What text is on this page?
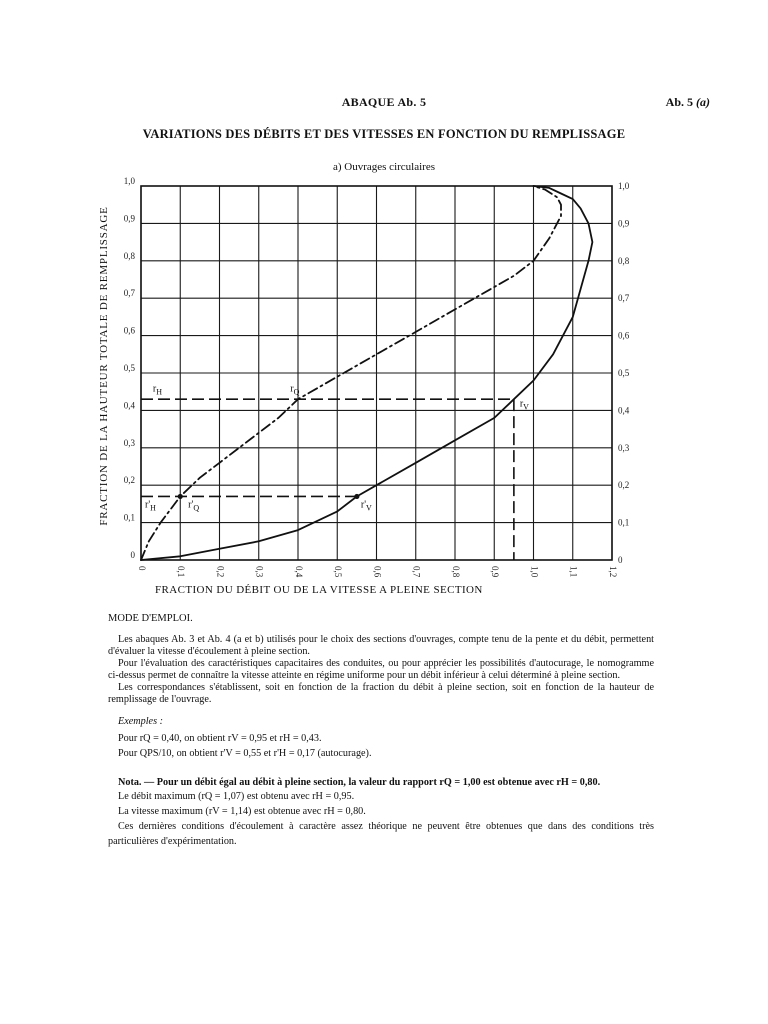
ABAQUE Ab. 5	Ab. 5 (a)
VARIATIONS DES DÉBITS ET DES VITESSES EN FONCTION DU REMPLISSAGE
a) Ouvrages circulaires
FRACTION DE LA HAUTEUR TOTALE DE REMPLISSAGE
FRACTION DU DÉBIT OU DE LA VITESSE A PLEINE SECTION
0	0,1	0,2	0,3	0,4	0,5	0,6	0,7	0,8	0,9	1,0	1,1	1,2
0	0
0,1	0,1
0,2	0,2
0,3	0,3
0,4	0,4
0,5	0,5
0,6	0,6
0,7	0,7
0,8	0,8
0,9	0,9
1,0	1,0
$r_H$	$r_Q$
$r_V$
$r'_H$	$r'_Q$	$r'_V$

MODE D'EMPLOI.

Les abaques Ab. 3 et Ab. 4 (a et b) utilisés pour le choix des sections d'ouvrages, compte tenu de la pente et du débit, permettent d'évaluer la vitesse d'écoulement à pleine section.

Pour l'évaluation des caractéristiques capacitaires des conduites, ou pour apprécier les possibilités d'autocurage, le nomogramme ci-dessus permet de connaître la vitesse atteinte en régime uniforme pour un débit inférieur à celui déterminé à pleine section.

Les correspondances s'établissent, soit en fonction de la fraction du débit à pleine section, soit en fonction de la hauteur de remplissage de l'ouvrage.

Exemples :

Pour rQ = 0,40, on obtient rV = 0,95 et rH = 0,43.

Pour QPS/10, on obtient r'V = 0,55 et r'H = 0,17 (autocurage).

Nota. — Pour un débit égal au débit à pleine section, la valeur du rapport rQ = 1,00 est obtenue avec rH = 0,80.

Le débit maximum (rQ = 1,07) est obtenu avec rH = 0,95.

La vitesse maximum (rV = 1,14) est obtenue avec rH = 0,80.

Ces dernières conditions d'écoulement à caractère assez théorique ne peuvent être obtenues que dans des conditions très particulières d'expérimentation.
